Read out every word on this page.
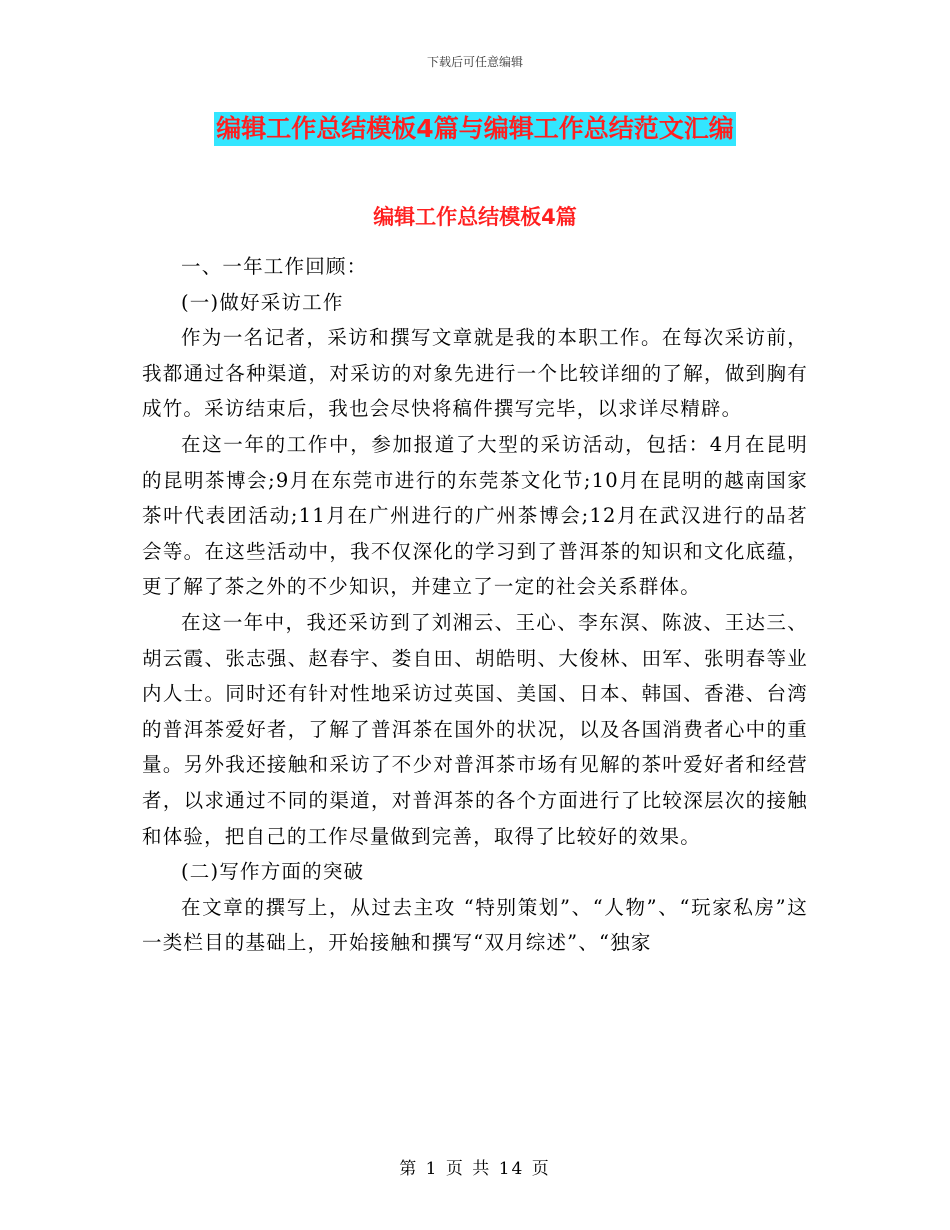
下载后可任意编辑
编辑工作总结模板4篇与编辑工作总结范文汇编
编辑工作总结模板4篇

一、一年工作回顾：

(一)做好采访工作

作为一名记者，采访和撰写文章就是我的本职工作。在每次采访前，我都通过各种渠道，对采访的对象先进行一个比较详细的了解，做到胸有成竹。采访结束后，我也会尽快将稿件撰写完毕，以求详尽精辟。

在这一年的工作中，参加报道了大型的采访活动，包括：4月在昆明的昆明茶博会;9月在东莞市进行的东莞茶文化节;10月在昆明的越南国家茶叶代表团活动;11月在广州进行的广州茶博会;12月在武汉进行的品茗会等。在这些活动中，我不仅深化的学习到了普洱茶的知识和文化底蕴，更了解了茶之外的不少知识，并建立了一定的社会关系群体。

在这一年中，我还采访到了刘湘云、王心、李东溟、陈波、王达三、胡云霞、张志强、赵春宇、娄自田、胡皓明、大俊林、田军、张明春等业内人士。同时还有针对性地采访过英国、美国、日本、韩国、香港、台湾的普洱茶爱好者，了解了普洱茶在国外的状况，以及各国消费者心中的重量。另外我还接触和采访了不少对普洱茶市场有见解的茶叶爱好者和经营者，以求通过不同的渠道，对普洱茶的各个方面进行了比较深层次的接触和体验，把自己的工作尽量做到完善，取得了比较好的效果。

(二)写作方面的突破

在文章的撰写上，从过去主攻 “特别策划”、“人物”、“玩家私房”这一类栏目的基础上，开始接触和撰写“双月综述”、“独家

第 1 页 共 14 页
